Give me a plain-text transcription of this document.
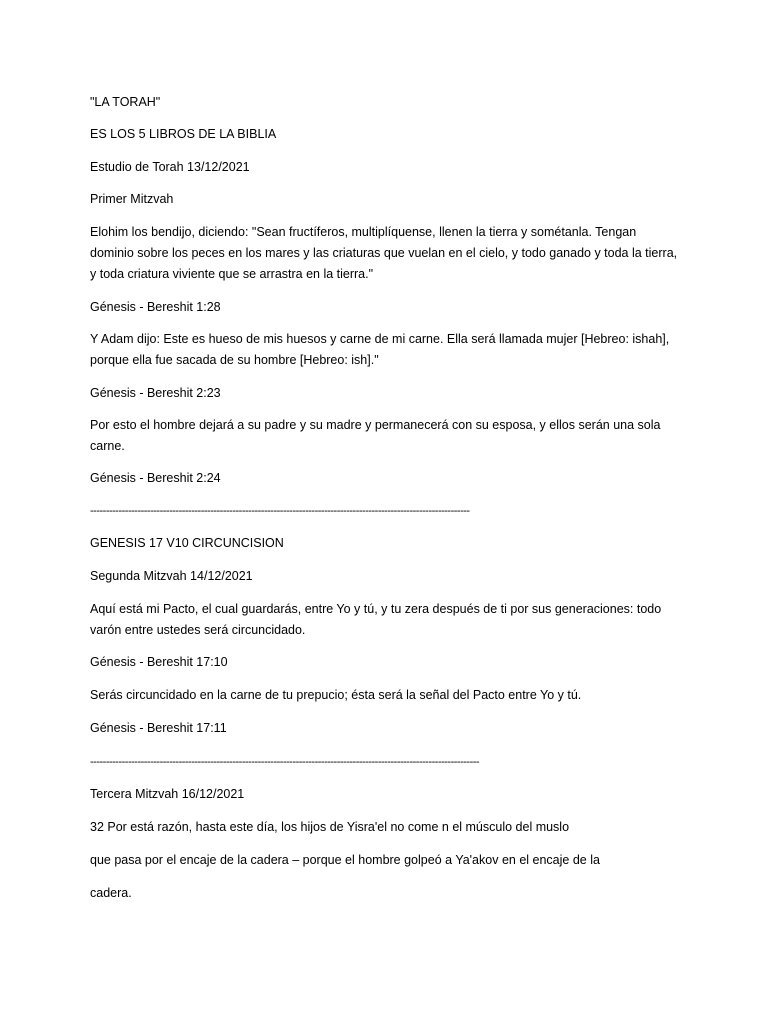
"LA TORAH"

ES LOS 5 LIBROS DE LA BIBLIA

Estudio de Torah 13/12/2021

Primer Mitzvah

Elohim los bendijo, diciendo: "Sean fructíferos, multiplíquense, llenen la tierra y sométanla. Tengan dominio sobre los peces en los mares y las criaturas que vuelan en el cielo, y todo ganado y toda la tierra, y toda criatura viviente que se arrastra en la tierra."

Génesis - Bereshit 1:28

Y Adam dijo: Este es hueso de mis huesos y carne de mi carne. Ella será llamada mujer [Hebreo: ishah], porque ella fue sacada de su hombre [Hebreo: ish]."

Génesis - Bereshit 2:23

Por esto el hombre dejará a su padre y su madre y permanecerá con su esposa, y ellos serán una sola carne.

Génesis - Bereshit 2:24

------------------------------------------------------------------------------------------------------------------------

GENESIS 17 V10 CIRCUNCISION

Segunda Mitzvah 14/12/2021

Aquí está mi Pacto, el cual guardarás, entre Yo y tú, y tu zera después de ti por sus generaciones: todo varón entre ustedes será circuncidado.

Génesis - Bereshit 17:10

Serás circuncidado en la carne de tu prepucio; ésta será la señal del Pacto entre Yo y tú.

Génesis - Bereshit 17:11

---------------------------------------------------------------------------------------------------------------------------

Tercera Mitzvah 16/12/2021

32 Por está razón, hasta este día, los hijos de Yisra'el no come n el músculo del muslo

que pasa por el encaje de la cadera – porque el hombre golpeó a Ya'akov en el encaje de la

cadera.
